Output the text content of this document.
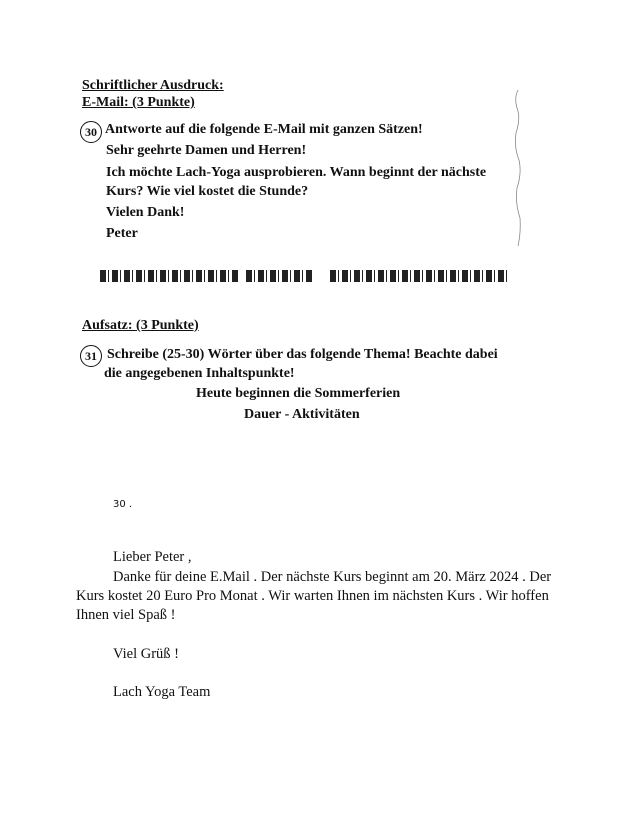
Schriftlicher Ausdruck:
E-Mail: (3 Punkte)
30 Antworte auf die folgende E-Mail mit ganzen Sätzen!
Sehr geehrte Damen und Herren!
Ich möchte Lach-Yoga ausprobieren. Wann beginnt der nächste
Kurs? Wie viel kostet die Stunde?
Vielen Dank!
Peter
Aufsatz: (3 Punkte)
31 Schreibe (25-30) Wörter über das folgende Thema! Beachte dabei
die angegebenen Inhaltspunkte!
Heute beginnen die Sommerferien
Dauer - Aktivitäten
30 .
Lieber Peter ,
Danke für deine E.Mail . Der nächste Kurs beginnt am 20. März 2024 . Der
Kurs kostet 20 Euro Pro Monat . Wir warten Ihnen im nächsten Kurs . Wir hoffen
Ihnen viel Spaß !
Viel Grüß !
Lach Yoga Team
